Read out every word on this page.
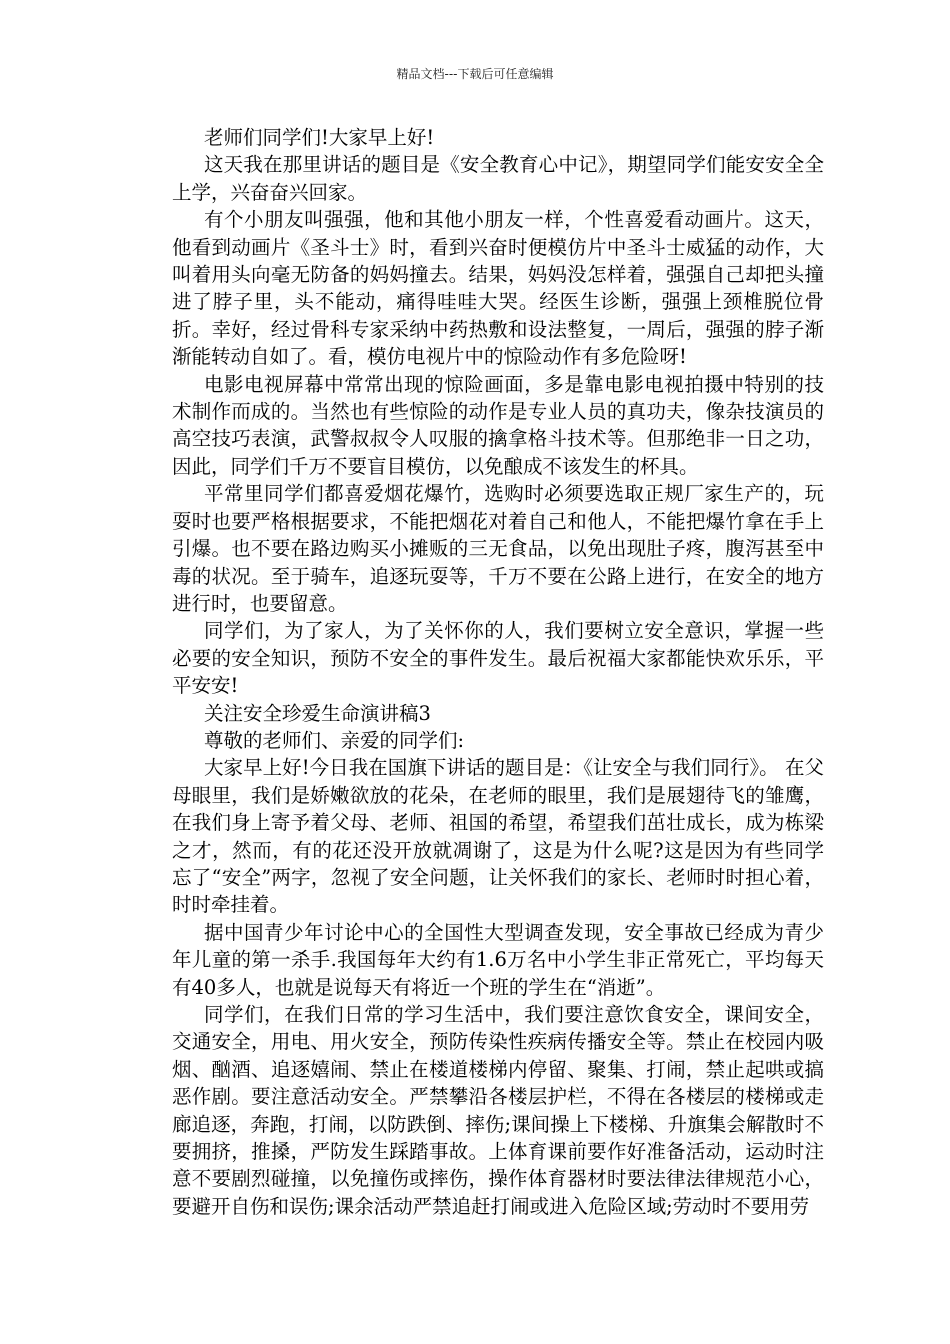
精品文档---下载后可任意编辑

老师们同学们!大家早上好!

这天我在那里讲话的题目是《安全教育心中记》，期望同学们能安安全全上学，兴奋奋兴回家。

有个小朋友叫强强，他和其他小朋友一样，个性喜爱看动画片。这天，他看到动画片《圣斗士》时，看到兴奋时便模仿片中圣斗士威猛的动作，大叫着用头向毫无防备的妈妈撞去。结果，妈妈没怎样着，强强自己却把头撞进了脖子里，头不能动，痛得哇哇大哭。经医生诊断，强强上颈椎脱位骨折。幸好，经过骨科专家采纳中药热敷和设法整复，一周后，强强的脖子渐渐能转动自如了。看，模仿电视片中的惊险动作有多危险呀!

电影电视屏幕中常常出现的惊险画面，多是靠电影电视拍摄中特别的技术制作而成的。当然也有些惊险的动作是专业人员的真功夫，像杂技演员的高空技巧表演，武警叔叔令人叹服的擒拿格斗技术等。但那绝非一日之功，因此，同学们千万不要盲目模仿，以免酿成不该发生的杯具。

平常里同学们都喜爱烟花爆竹，选购时必须要选取正规厂家生产的，玩耍时也要严格根据要求，不能把烟花对着自己和他人，不能把爆竹拿在手上引爆。也不要在路边购买小摊贩的三无食品，以免出现肚子疼，腹泻甚至中毒的状况。至于骑车，追逐玩耍等，千万不要在公路上进行，在安全的地方进行时，也要留意。

同学们，为了家人，为了关怀你的人，我们要树立安全意识，掌握一些必要的安全知识，预防不安全的事件发生。最后祝福大家都能快欢乐乐，平平安安!

关注安全珍爱生命演讲稿3

尊敬的老师们、亲爱的同学们:

大家早上好!今日我在国旗下讲话的题目是：《让安全与我们同行》。 在父母眼里，我们是娇嫩欲放的花朵，在老师的眼里，我们是展翅待飞的雏鹰，在我们身上寄予着父母、老师、祖国的希望，希望我们茁壮成长，成为栋梁之才，然而，有的花还没开放就凋谢了，这是为什么呢?这是因为有些同学忘了“安全”两字，忽视了安全问题，让关怀我们的家长、老师时时担心着，时时牵挂着。

据中国青少年讨论中心的全国性大型调查发现，安全事故已经成为青少年儿童的第一杀手.我国每年大约有1.6万名中小学生非正常死亡，平均每天有40多人，也就是说每天有将近一个班的学生在“消逝”。

同学们，在我们日常的学习生活中，我们要注意饮食安全，课间安全，交通安全，用电、用火安全，预防传染性疾病传播安全等。禁止在校园内吸烟、酗酒、追逐嬉闹、禁止在楼道楼梯内停留、聚集、打闹，禁止起哄或搞恶作剧。要注意活动安全。严禁攀沿各楼层护栏，不得在各楼层的楼梯或走廊追逐，奔跑，打闹，以防跌倒、摔伤;课间操上下楼梯、升旗集会解散时不要拥挤，推搡，严防发生踩踏事故。上体育课前要作好准备活动，运动时注意不要剧烈碰撞，以免撞伤或摔伤，操作体育器材时要法律法律规范小心，要避开自伤和误伤;课余活动严禁追赶打闹或进入危险区域;劳动时不要用劳
